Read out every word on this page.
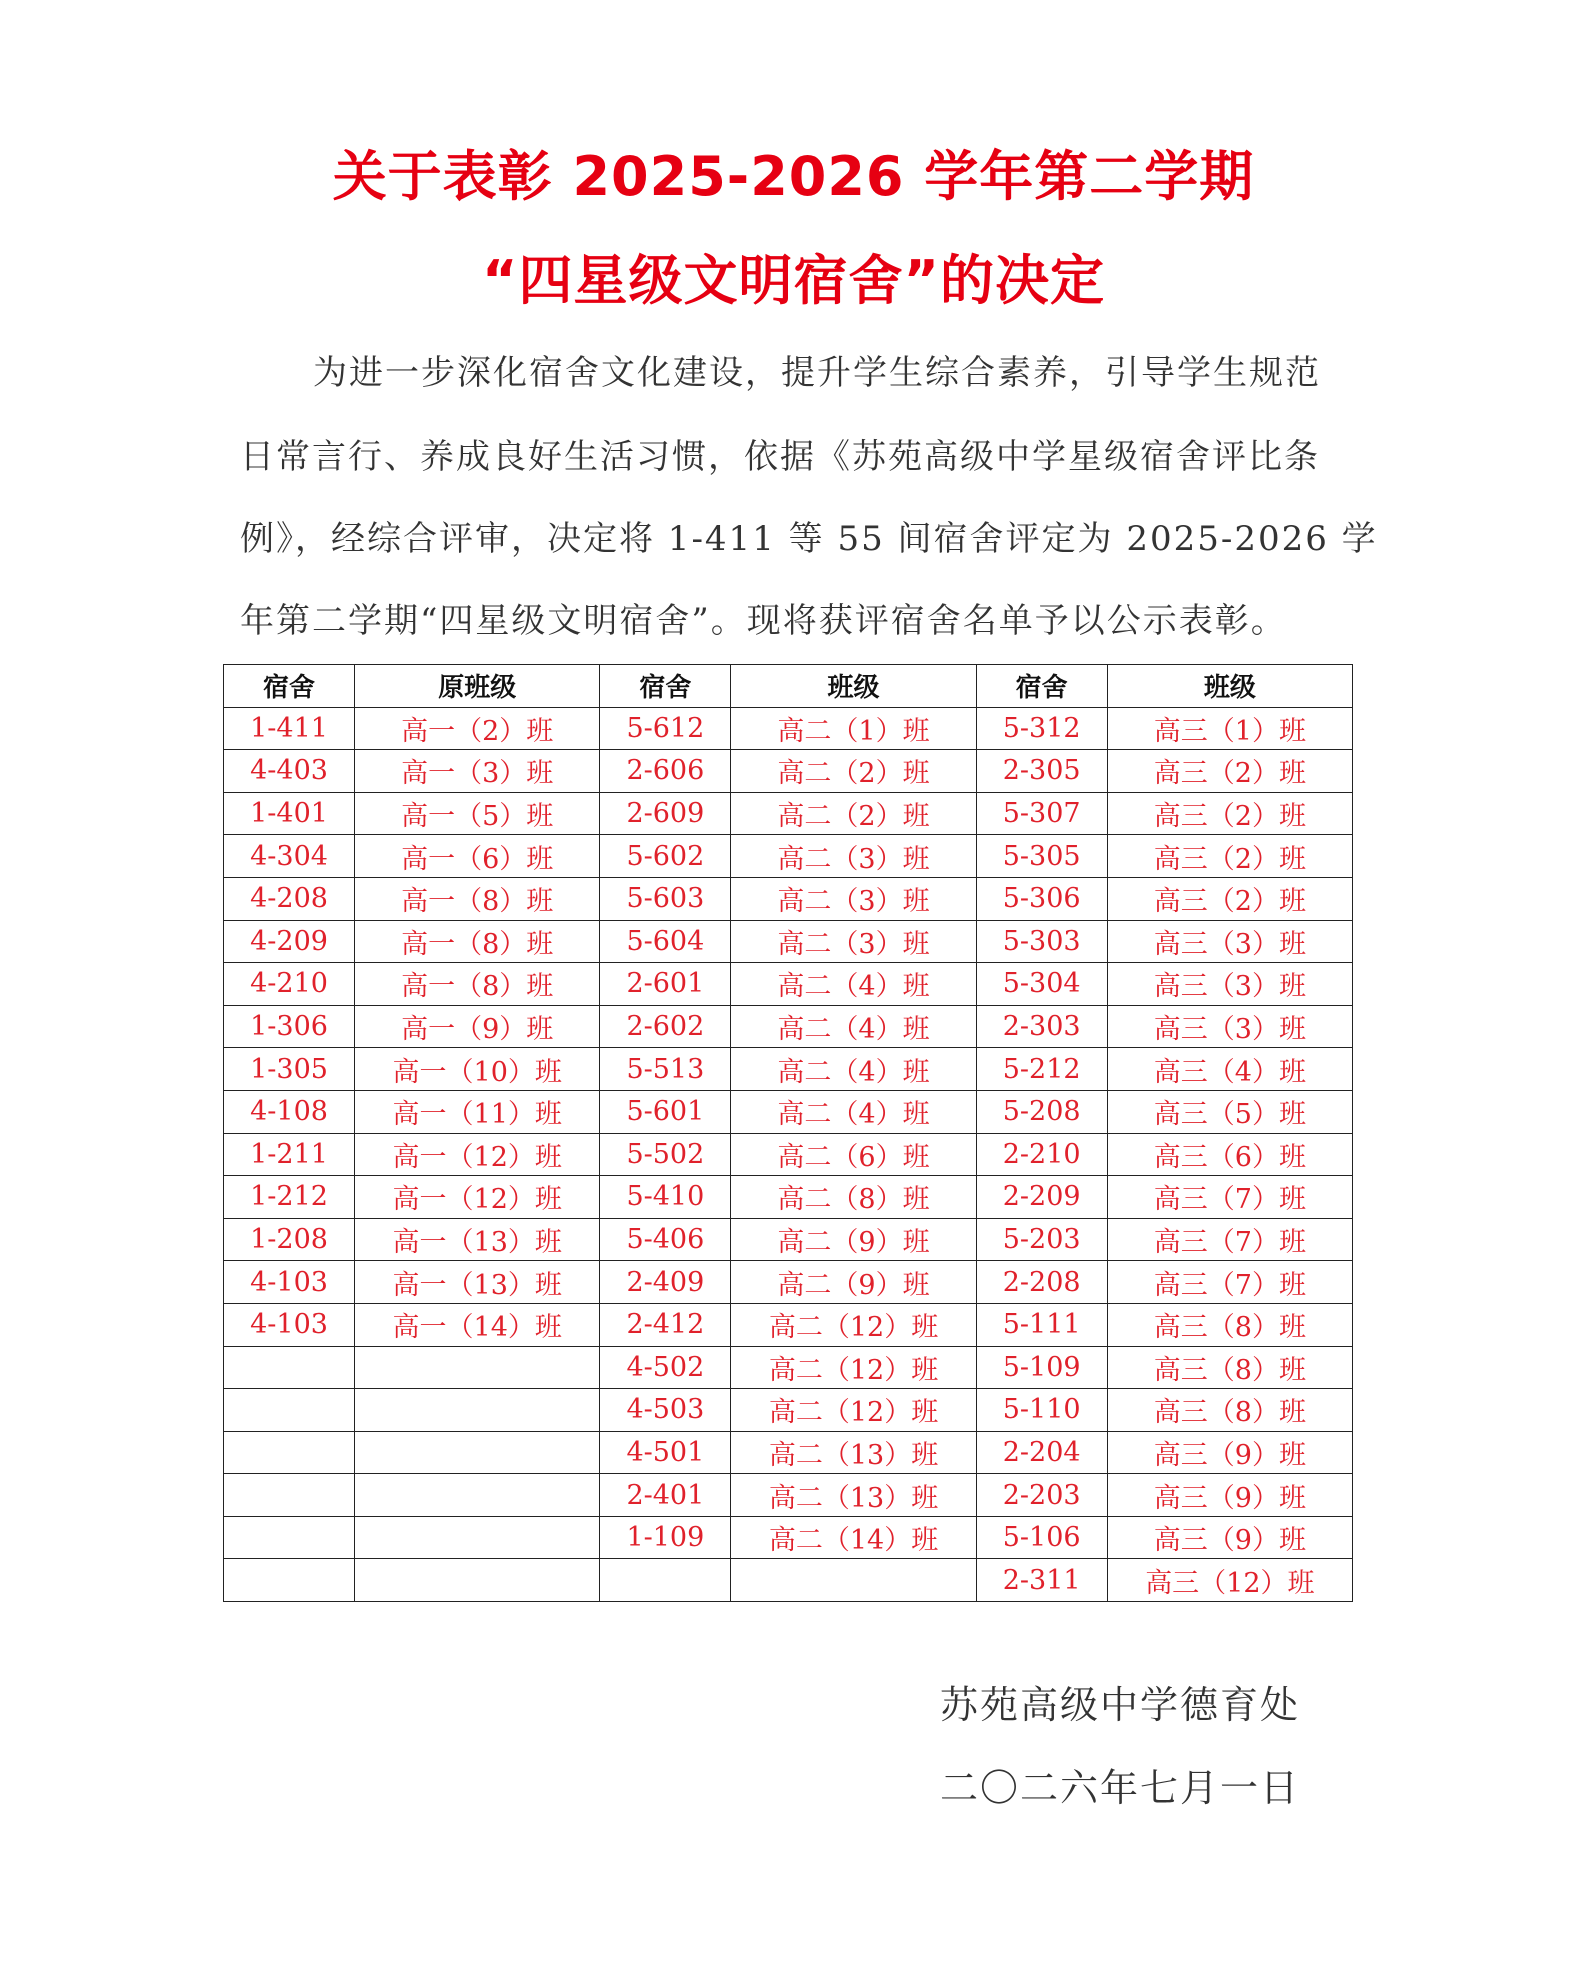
关于表彰 2025-2026 学年第二学期
“四星级文明宿舍”的决定
为进一步深化宿舍文化建设，提升学生综合素养，引导学生规范
日常言行、养成良好生活习惯，依据《苏苑高级中学星级宿舍评比条
例》，经综合评审，决定将 1-411 等 55 间宿舍评定为 2025-2026 学
年第二学期“四星级文明宿舍”。现将获评宿舍名单予以公示表彰。
宿舍	原班级	宿舍	班级	宿舍	班级
1-411	高一（2）班	5-612	高二（1）班	5-312	高三（1）班
4-403	高一（3）班	2-606	高二（2）班	2-305	高三（2）班
1-401	高一（5）班	2-609	高二（2）班	5-307	高三（2）班
4-304	高一（6）班	5-602	高二（3）班	5-305	高三（2）班
4-208	高一（8）班	5-603	高二（3）班	5-306	高三（2）班
4-209	高一（8）班	5-604	高二（3）班	5-303	高三（3）班
4-210	高一（8）班	2-601	高二（4）班	5-304	高三（3）班
1-306	高一（9）班	2-602	高二（4）班	2-303	高三（3）班
1-305	高一（10）班	5-513	高二（4）班	5-212	高三（4）班
4-108	高一（11）班	5-601	高二（4）班	5-208	高三（5）班
1-211	高一（12）班	5-502	高二（6）班	2-210	高三（6）班
1-212	高一（12）班	5-410	高二（8）班	2-209	高三（7）班
1-208	高一（13）班	5-406	高二（9）班	5-203	高三（7）班
4-103	高一（13）班	2-409	高二（9）班	2-208	高三（7）班
4-103	高一（14）班	2-412	高二（12）班	5-111	高三（8）班
		4-502	高二（12）班	5-109	高三（8）班
		4-503	高二（12）班	5-110	高三（8）班
		4-501	高二（13）班	2-204	高三（9）班
		2-401	高二（13）班	2-203	高三（9）班
		1-109	高二（14）班	5-106	高三（9）班
				2-311	高三（12）班
苏苑高级中学德育处
二〇二六年七月一日
